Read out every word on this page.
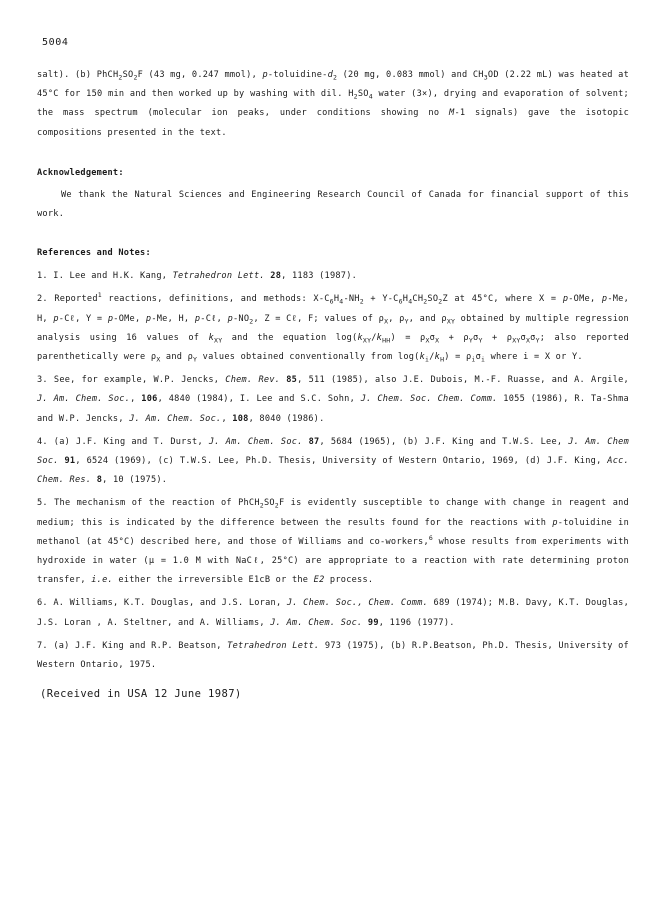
5004

salt). (b) $PhCH_2SO_2F$ (43 mg, 0.247 mmol), $p-toluidine-d_2$ (20 mg, 0.083 mmol) and $CH_3OD$ (2.22 mL) was heated at 45°C for 150 min and then worked up by washing with dil. $H_2SO_4$ water (3×), drying and evaporation of solvent; the mass spectrum (molecular ion peaks, under conditions showing no M-1 signals) gave the isotopic compositions presented in the text.

Acknowledgement:

We thank the Natural Sciences and Engineering Research Council of Canada for financial support of this work.

References and Notes:

1. I. Lee and H.K. Kang, Tetrahedron Lett. 28, 1183 (1987).

2. Reported$^1$ reactions, definitions, and methods: $X-C_6H_4-NH_2 + Y-C_6H_4CH_2SO_2Z$ at 45°C, where X = p-OMe, p-Me, H, p-Cℓ, Y = p-OMe, p-Me, H, p-Cℓ, $p-NO_2$, Z = Cℓ, F; values of $\rho_X$, $\rho_Y$, and $\rho_{XY}$ obtained by multiple regression analysis using 16 values of $k_{XY}$ and the equation $\log(k_{XY}/k_{HH}) = \rho_X\sigma_X + \rho_Y\sigma_Y + \rho_{XY}\sigma_X\sigma_Y$; also reported parenthetically were $\rho_X$ and $\rho_Y$ values obtained conventionally from $\log(k_i/k_H) = \rho_i\sigma_i$ where i = X or Y.

3. See, for example, W.P. Jencks, Chem. Rev. 85, 511 (1985), also J.E. Dubois, M.-F. Ruasse, and A. Argile, J. Am. Chem. Soc., 106, 4840 (1984), I. Lee and S.C. Sohn, J. Chem. Soc. Chem. Comm. 1055 (1986), R. Ta-Shma and W.P. Jencks, J. Am. Chem. Soc., 108, 8040 (1986).

4. (a) J.F. King and T. Durst, J. Am. Chem. Soc. 87, 5684 (1965), (b) J.F. King and T.W.S. Lee, J. Am. Chem Soc. 91, 6524 (1969), (c) T.W.S. Lee, Ph.D. Thesis, University of Western Ontario, 1969, (d) J.F. King, Acc. Chem. Res. 8, 10 (1975).

5. The mechanism of the reaction of $PhCH_2SO_2F$ is evidently susceptible to change with change in reagent and medium; this is indicated by the difference between the results found for the reactions with p-toluidine in methanol (at 45°C) described here, and those of Williams and co-workers,$^6$ whose results from experiments with hydroxide in water (μ = 1.0 M with NaCℓ, 25°C) are appropriate to a reaction with rate determining proton transfer, i.e. either the irreversible E1cB or the E2 process.

6. A. Williams, K.T. Douglas, and J.S. Loran, J. Chem. Soc., Chem. Comm. 689 (1974); M.B. Davy, K.T. Douglas, J.S. Loran , A. Steltner, and A. Williams, J. Am. Chem. Soc. 99, 1196 (1977).

7. (a) J.F. King and R.P. Beatson, Tetrahedron Lett. 973 (1975), (b) R.P.Beatson, Ph.D. Thesis, University of Western Ontario, 1975.

(Received in USA 12 June 1987)
